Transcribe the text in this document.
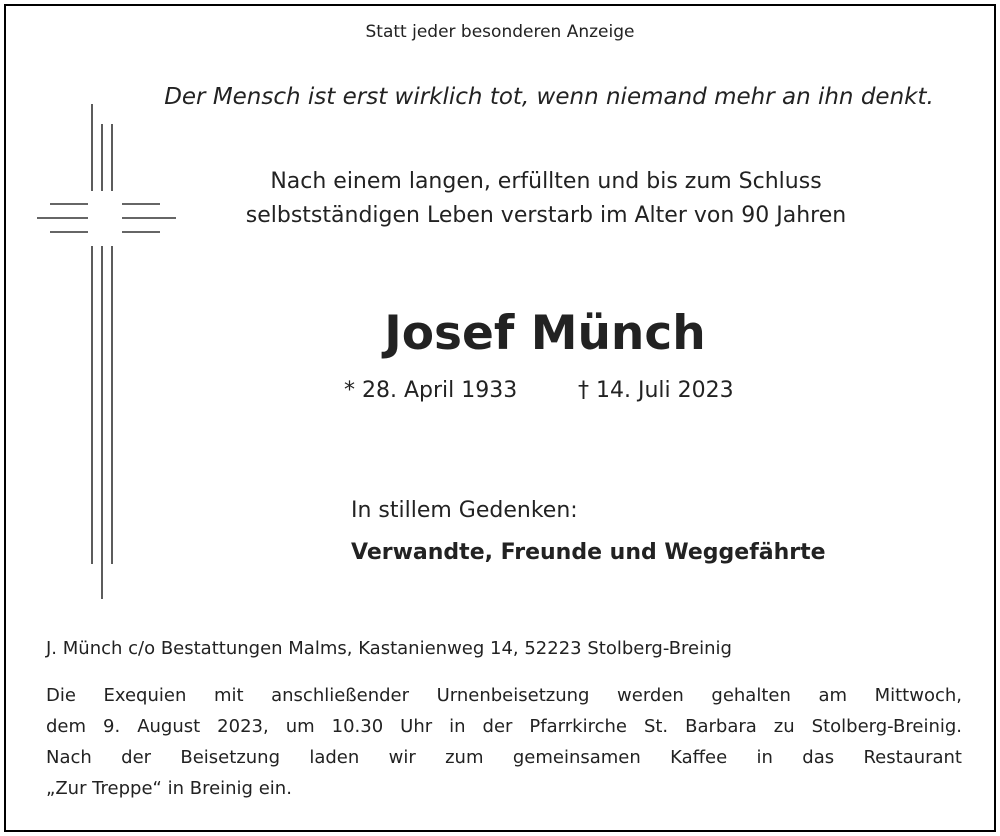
Statt jeder besonderen Anzeige

Der Mensch ist erst wirklich tot, wenn niemand mehr an ihn denkt.

Nach einem langen, erfüllten und bis zum Schluss

selbstständigen Leben verstarb im Alter von 90 Jahren

Josef Münch

* 28. April 1933	† 14. Juli 2023

In stillem Gedenken:

Verwandte, Freunde und Weggefährte

J. Münch c/o Bestattungen Malms, Kastanienweg 14, 52223 Stolberg-Breinig

Die Exequien mit anschließender Urnenbeisetzung werden gehalten am Mittwoch,
dem 9. August 2023, um 10.30 Uhr in der Pfarrkirche St. Barbara zu Stolberg-Breinig.
Nach der Beisetzung laden wir zum gemeinsamen Kaffee in das Restaurant
„Zur Treppe“ in Breinig ein.
